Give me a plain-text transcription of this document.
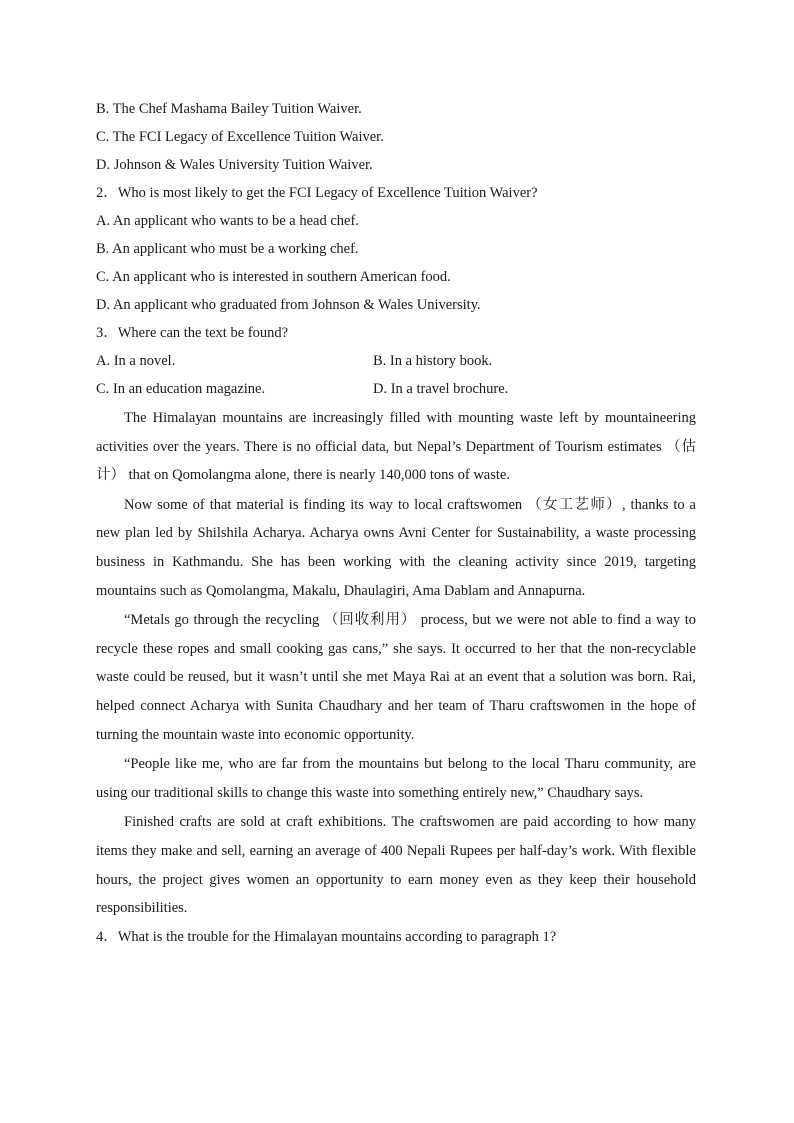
B. The Chef Mashama Bailey Tuition Waiver.
C. The FCI Legacy of Excellence Tuition Waiver.
D. Johnson & Wales University Tuition Waiver.
2．Who is most likely to get the FCI Legacy of Excellence Tuition Waiver?
A. An applicant who wants to be a head chef.
B. An applicant who must be a working chef.
C. An applicant who is interested in southern American food.
D. An applicant who graduated from Johnson & Wales University.
3．Where can the text be found?
A. In a novel.	B. In a history book.
C. In an education magazine.	D. In a travel brochure.

The Himalayan mountains are increasingly filled with mounting waste left by mountaineering activities over the years. There is no official data, but Nepal’s Department of Tourism estimates （估计） that on Qomolangma alone, there is nearly 140,000 tons of waste.

Now some of that material is finding its way to local craftswomen （女工艺师）, thanks to a new plan led by Shilshila Acharya. Acharya owns Avni Center for Sustainability, a waste processing business in Kathmandu. She has been working with the cleaning activity since 2019, targeting mountains such as Qomolangma, Makalu, Dhaulagiri, Ama Dablam and Annapurna.

“Metals go through the recycling （回收利用） process, but we were not able to find a way to recycle these ropes and small cooking gas cans,” she says. It occurred to her that the non-recyclable waste could be reused, but it wasn’t until she met Maya Rai at an event that a solution was born. Rai, helped connect Acharya with Sunita Chaudhary and her team of Tharu craftswomen in the hope of turning the mountain waste into economic opportunity.

“People like me, who are far from the mountains but belong to the local Tharu community, are using our traditional skills to change this waste into something entirely new,” Chaudhary says.

Finished crafts are sold at craft exhibitions. The craftswomen are paid according to how many items they make and sell, earning an average of 400 Nepali Rupees per half-day’s work. With flexible hours, the project gives women an opportunity to earn money even as they keep their household responsibilities.

4．What is the trouble for the Himalayan mountains according to paragraph 1?
